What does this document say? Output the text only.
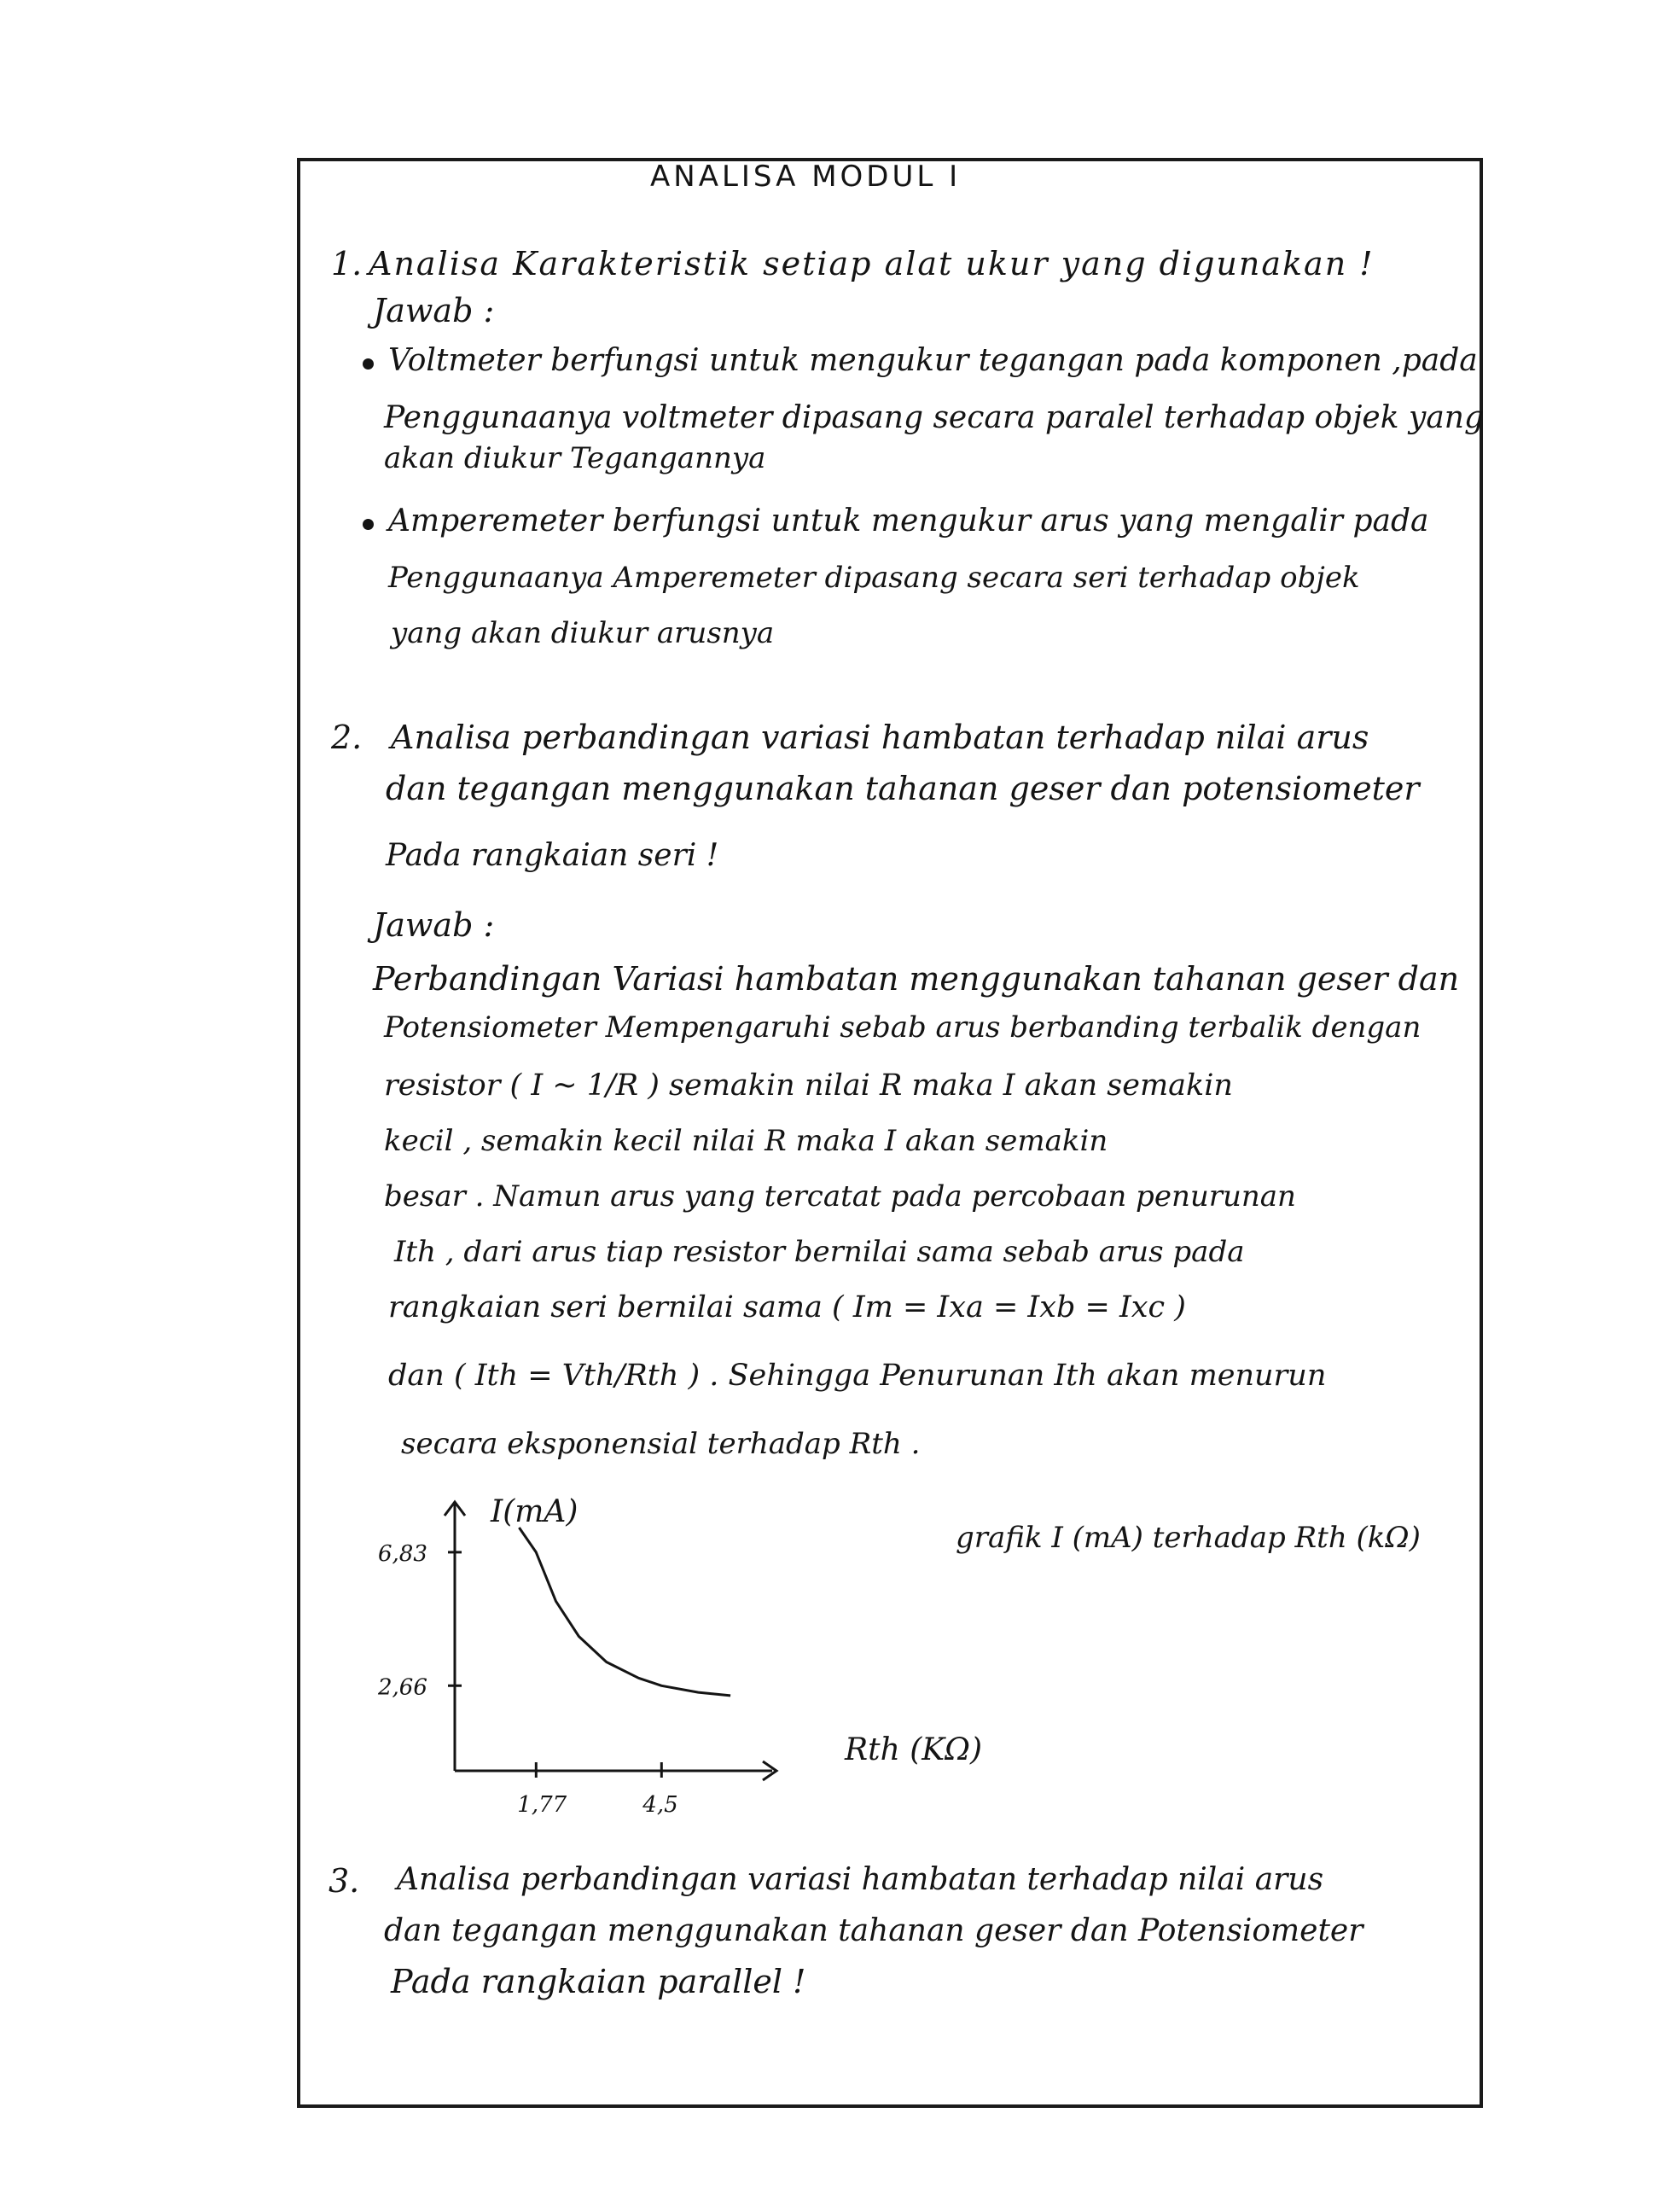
ANALISA MODUL I
1. Analisa Karakteristik setiap alat ukur yang digunakan !
Jawab :
Voltmeter berfungsi untuk mengukur tegangan pada komponen ,pada
Penggunaanya voltmeter dipasang secara paralel terhadap objek yang
akan diukur Tegangannya
Amperemeter berfungsi untuk mengukur arus yang mengalir pada
Penggunaanya Amperemeter dipasang secara seri terhadap objek
yang akan diukur arusnya
2. Analisa perbandingan variasi hambatan terhadap nilai arus
dan tegangan menggunakan tahanan geser dan potensiometer
Pada rangkaian seri !
Jawab :
Perbandingan Variasi hambatan menggunakan tahanan geser dan
Potensiometer Mempengaruhi sebab arus berbanding terbalik dengan
resistor ( I ~ 1/R ) semakin nilai R maka I akan semakin
kecil , semakin kecil nilai R maka I akan semakin
besar . Namun arus yang tercatat pada percobaan penurunan
Ith , dari arus tiap resistor bernilai sama sebab arus pada
rangkaian seri bernilai sama ( Im = Ixa = Ixb = Ixc )
dan ( Ith = Vth/Rth ) . Sehingga Penurunan Ith akan menurun
secara eksponensial terhadap Rth .
grafik I (mA) terhadap Rth (kΩ)
I(mA)
Rth (KΩ)
6,83
2,66
1,77	4,5
3. Analisa perbandingan variasi hambatan terhadap nilai arus
dan tegangan menggunakan tahanan geser dan Potensiometer
Pada rangkaian parallel !
